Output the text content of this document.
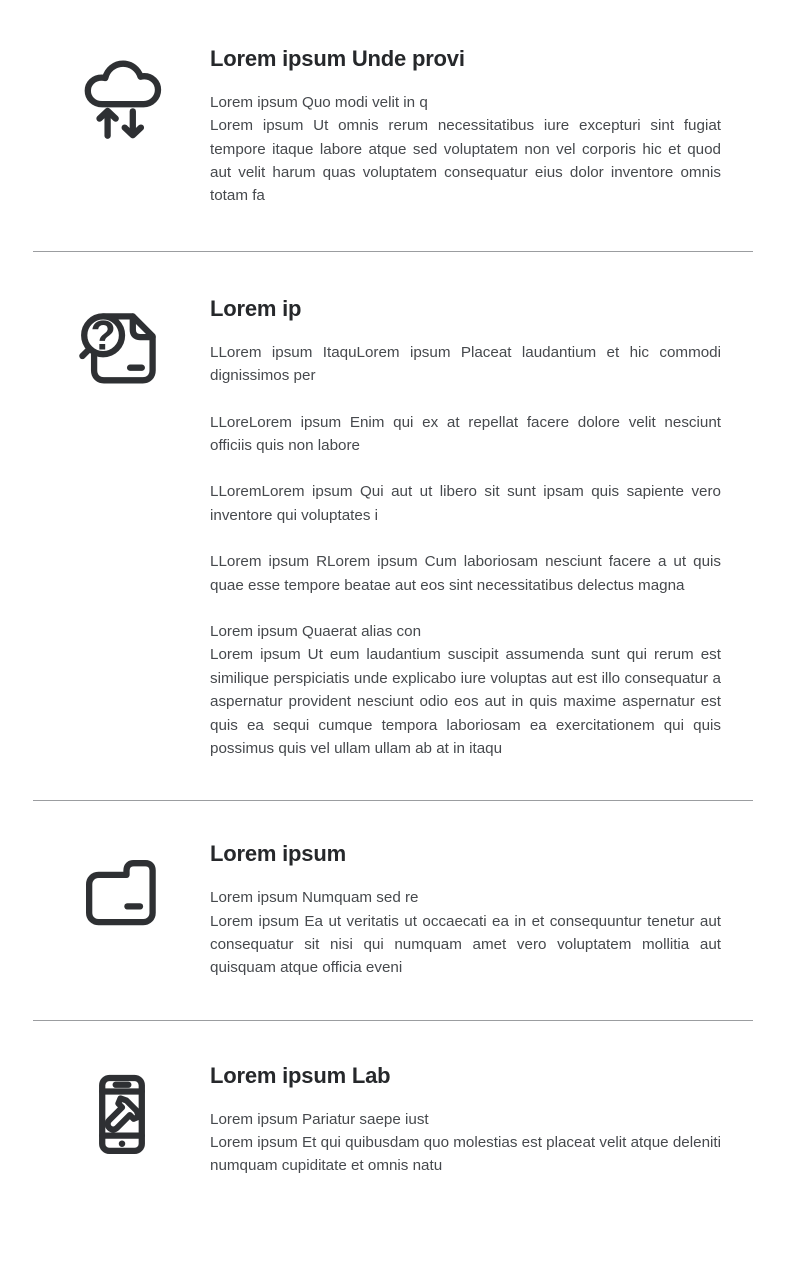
Lorem ipsum Unde provi

Lorem ipsum Quo modi velit in q
Lorem ipsum Ut omnis rerum necessitatibus iure excepturi sint fugiat tempore itaque labore atque sed voluptatem non vel corporis hic et quod aut velit harum quas voluptatem consequatur eius dolor inventore omnis totam fa

?
Lorem ip

LLorem ipsum ItaquLorem ipsum Placeat laudantium et hic commodi dignissimos per

LLoreLorem ipsum Enim qui ex at repellat facere dolore velit nesciunt officiis quis non labore

LLoremLorem ipsum Qui aut ut libero sit sunt ipsam quis sapiente vero inventore qui voluptates i

LLorem ipsum RLorem ipsum Cum laboriosam nesciunt facere a ut quis quae esse tempore beatae aut eos sint necessitatibus delectus magna

Lorem ipsum Quaerat alias con
Lorem ipsum Ut eum laudantium suscipit assumenda sunt qui rerum est similique perspiciatis unde explicabo iure voluptas aut est illo consequatur a aspernatur provident nesciunt odio eos aut in quis maxime aspernatur est quis ea sequi cumque tempora laboriosam ea exercitationem qui quis possimus quis vel ullam ullam ab at in itaqu

Lorem ipsum

Lorem ipsum Numquam sed re
Lorem ipsum Ea ut veritatis ut occaecati ea in et consequuntur tenetur aut consequatur sit nisi qui numquam amet vero voluptatem mollitia aut quisquam atque officia eveni

Lorem ipsum Lab

Lorem ipsum Pariatur saepe iust
Lorem ipsum Et qui quibusdam quo molestias est placeat velit atque deleniti numquam cupiditate et omnis natu
